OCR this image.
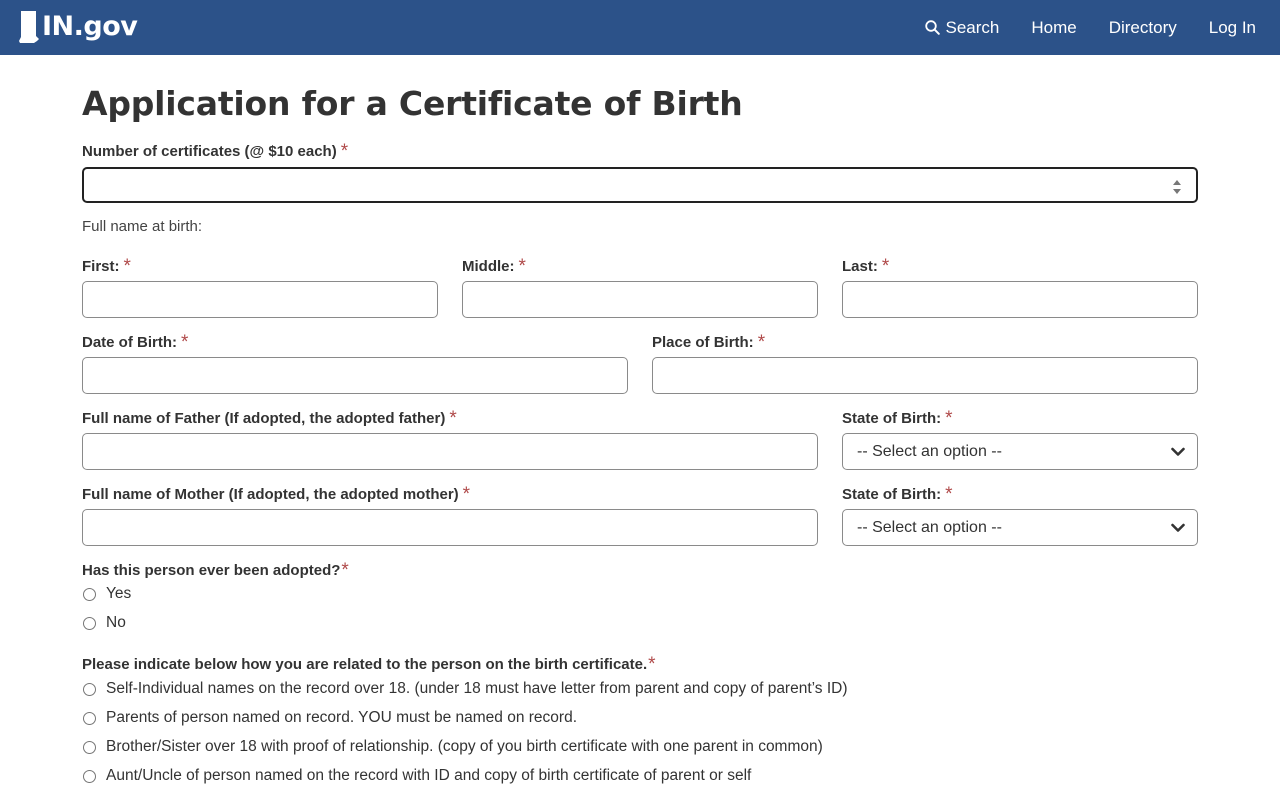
IN.gov	Search Home Directory Log In
Application for a Certificate of Birth
Number of certificates (@ $10 each) *
Full name at birth:
First: *	Middle: *	Last: *
Date of Birth: *	Place of Birth: *
Full name of Father (If adopted, the adopted father) *	State of Birth: *
-- Select an option --
Full name of Mother (If adopted, the adopted mother) *	State of Birth: *
-- Select an option --
Has this person ever been adopted?*
Yes
No
Please indicate below how you are related to the person on the birth certificate.*
Self-Individual names on the record over 18. (under 18 must have letter from parent and copy of parent’s ID)
Parents of person named on record. YOU must be named on record.
Brother/Sister over 18 with proof of relationship. (copy of you birth certificate with one parent in common)
Aunt/Uncle of person named on the record with ID and copy of birth certificate of parent or self
